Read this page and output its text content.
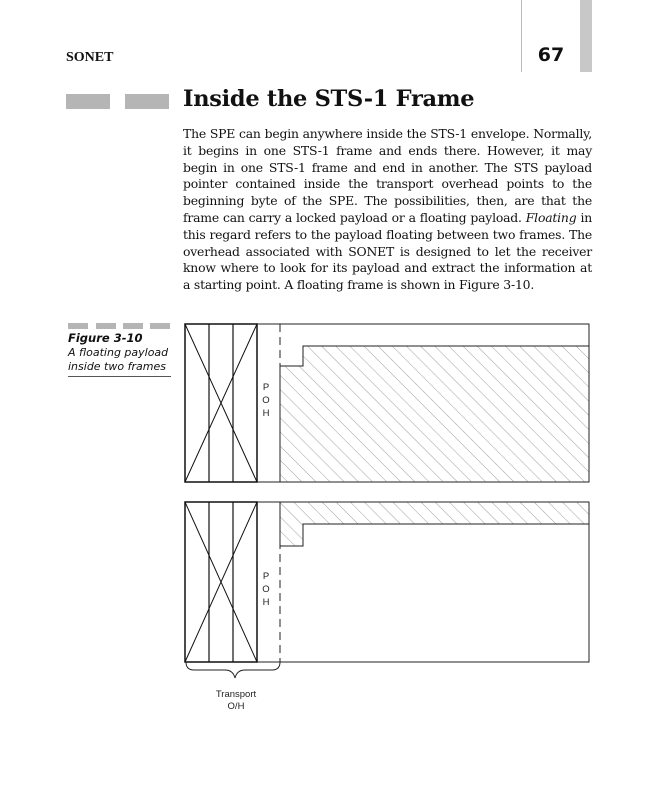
67
SONET
Inside the STS-1 Frame

The SPE can begin anywhere inside the STS-1 envelope. Normally, it begins in one STS-1 frame and ends there. However, it may begin in one STS-1 frame and end in another. The STS payload pointer contained inside the transport overhead points to the beginning byte of the SPE. The possibilities, then, are that the frame can carry a locked payload or a floating payload. Floating in this regard refers to the payload floating between two frames. The overhead associated with SONET is designed to let the receiver know where to look for its payload and extract the information at a starting point. A floating frame is shown in Figure 3-10.

Figure 3-10
A floating payload inside two frames
P
O
H
P
O
H
Transport
O/H
